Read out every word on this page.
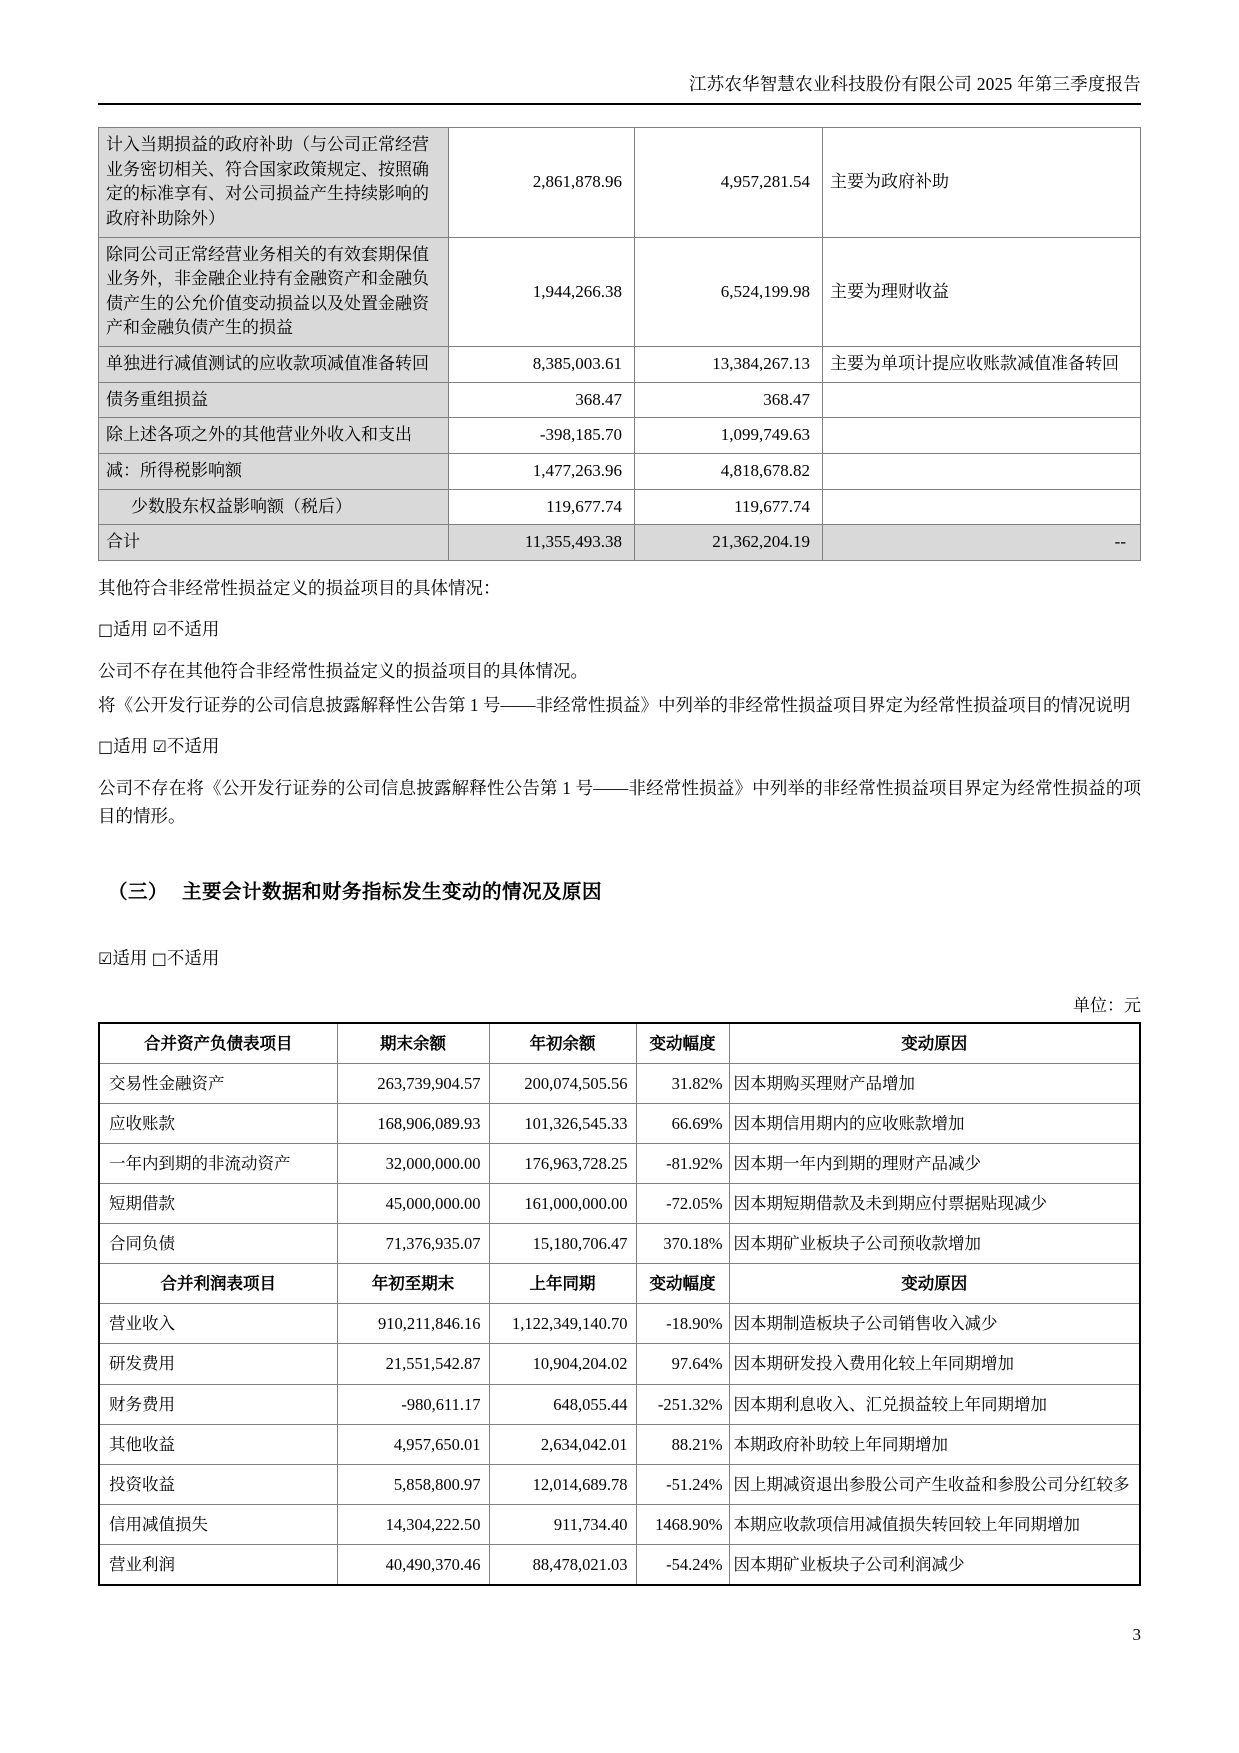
江苏农华智慧农业科技股份有限公司 2025 年第三季度报告
计入当期损益的政府补助（与公司正常经营业务密切相关、符合国家政策规定、按照确定的标准享有、对公司损益产生持续影响的政府补助除外）	2,861,878.96	4,957,281.54	主要为政府补助
除同公司正常经营业务相关的有效套期保值业务外，非金融企业持有金融资产和金融负债产生的公允价值变动损益以及处置金融资产和金融负债产生的损益	1,944,266.38	6,524,199.98	主要为理财收益
单独进行减值测试的应收款项减值准备转回	8,385,003.61	13,384,267.13	主要为单项计提应收账款减值准备转回
债务重组损益	368.47	368.47	
除上述各项之外的其他营业外收入和支出	-398,185.70	1,099,749.63	
减：所得税影响额	1,477,263.96	4,818,678.82	
少数股东权益影响额（税后）	119,677.74	119,677.74	
合计	11,355,493.38	21,362,204.19	--

其他符合非经常性损益定义的损益项目的具体情况：

□适用 ☑不适用

公司不存在其他符合非经常性损益定义的损益项目的具体情况。

将《公开发行证券的公司信息披露解释性公告第 1 号——非经常性损益》中列举的非经常性损益项目界定为经常性损益项目的情况说明

□适用 ☑不适用

公司不存在将《公开发行证券的公司信息披露解释性公告第 1 号——非经常性损益》中列举的非经常性损益项目界定为经常性损益的项目的情形。

（三） 主要会计数据和财务指标发生变动的情况及原因

☑适用 □不适用

单位：元
合并资产负债表项目	期末余额	年初余额	变动幅度	变动原因
交易性金融资产	263,739,904.57	200,074,505.56	31.82%	因本期购买理财产品增加
应收账款	168,906,089.93	101,326,545.33	66.69%	因本期信用期内的应收账款增加
一年内到期的非流动资产	32,000,000.00	176,963,728.25	-81.92%	因本期一年内到期的理财产品减少
短期借款	45,000,000.00	161,000,000.00	-72.05%	因本期短期借款及未到期应付票据贴现减少
合同负债	71,376,935.07	15,180,706.47	370.18%	因本期矿业板块子公司预收款增加
合并利润表项目	年初至期末	上年同期	变动幅度	变动原因
营业收入	910,211,846.16	1,122,349,140.70	-18.90%	因本期制造板块子公司销售收入减少
研发费用	21,551,542.87	10,904,204.02	97.64%	因本期研发投入费用化较上年同期增加
财务费用	-980,611.17	648,055.44	-251.32%	因本期利息收入、汇兑损益较上年同期增加
其他收益	4,957,650.01	2,634,042.01	88.21%	本期政府补助较上年同期增加
投资收益	5,858,800.97	12,014,689.78	-51.24%	因上期减资退出参股公司产生收益和参股公司分红较多
信用减值损失	14,304,222.50	911,734.40	1468.90%	本期应收款项信用减值损失转回较上年同期增加
营业利润	40,490,370.46	88,478,021.03	-54.24%	因本期矿业板块子公司利润减少
3
